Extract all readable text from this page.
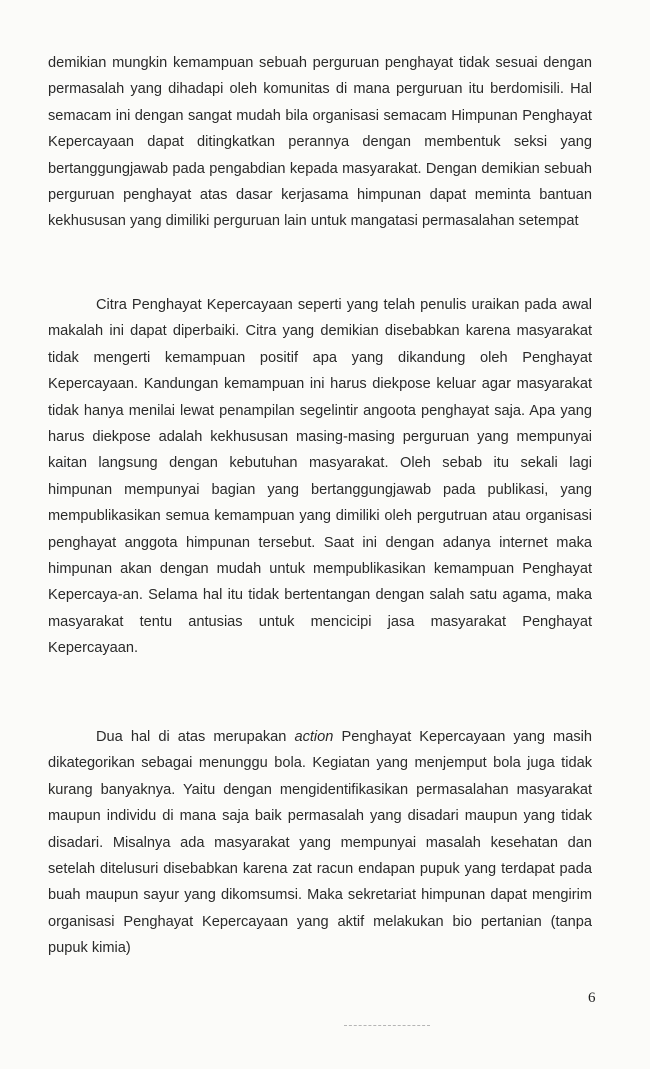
demikian mungkin kemampuan sebuah perguruan penghayat tidak sesuai dengan permasalah yang dihadapi oleh komunitas di mana perguruan itu berdomisili. Hal semacam ini dengan sangat mudah bila organisasi semacam Himpunan Penghayat Kepercayaan dapat ditingkatkan perannya dengan membentuk seksi yang bertanggungjawab pada pengabdian kepada masyarakat. Dengan demikian sebuah perguruan penghayat atas dasar kerjasama himpunan dapat meminta bantuan kekhususan yang dimiliki perguruan lain untuk mangatasi permasalahan setempat

Citra Penghayat Kepercayaan seperti yang telah penulis uraikan pada awal makalah ini dapat diperbaiki. Citra yang demikian disebabkan karena masyarakat tidak mengerti kemampuan positif apa yang dikandung oleh Penghayat Kepercayaan. Kandungan kemampuan ini harus diekpose keluar agar masyarakat tidak hanya menilai lewat penampilan segelintir angoota penghayat saja. Apa yang harus diekpose adalah kekhususan masing-masing perguruan yang mempunyai kaitan langsung dengan kebutuhan masyarakat. Oleh sebab itu sekali lagi himpunan mempunyai bagian yang bertanggungjawab pada publikasi, yang mempublikasikan semua kemampuan yang dimiliki oleh pergutruan atau organisasi penghayat anggota himpunan tersebut. Saat ini dengan adanya internet maka himpunan akan dengan mudah untuk mempublikasikan kemampuan Penghayat Kepercaya-an. Selama hal itu tidak bertentangan dengan salah satu agama, maka masyarakat tentu antusias untuk mencicipi jasa masyarakat Penghayat Kepercayaan.

Dua hal di atas merupakan action Penghayat Kepercayaan yang masih dikategorikan sebagai menunggu bola. Kegiatan yang menjemput bola juga tidak kurang banyaknya. Yaitu dengan mengidentifikasikan permasalahan masyarakat maupun individu di mana saja baik permasalah yang disadari maupun yang tidak disadari. Misalnya ada masyarakat yang mempunyai masalah kesehatan dan setelah ditelusuri disebabkan karena zat racun endapan pupuk yang terdapat pada buah maupun sayur yang dikomsumsi. Maka sekretariat himpunan dapat mengirim organisasi Penghayat Kepercayaan yang aktif melakukan bio pertanian (tanpa pupuk kimia)

6
